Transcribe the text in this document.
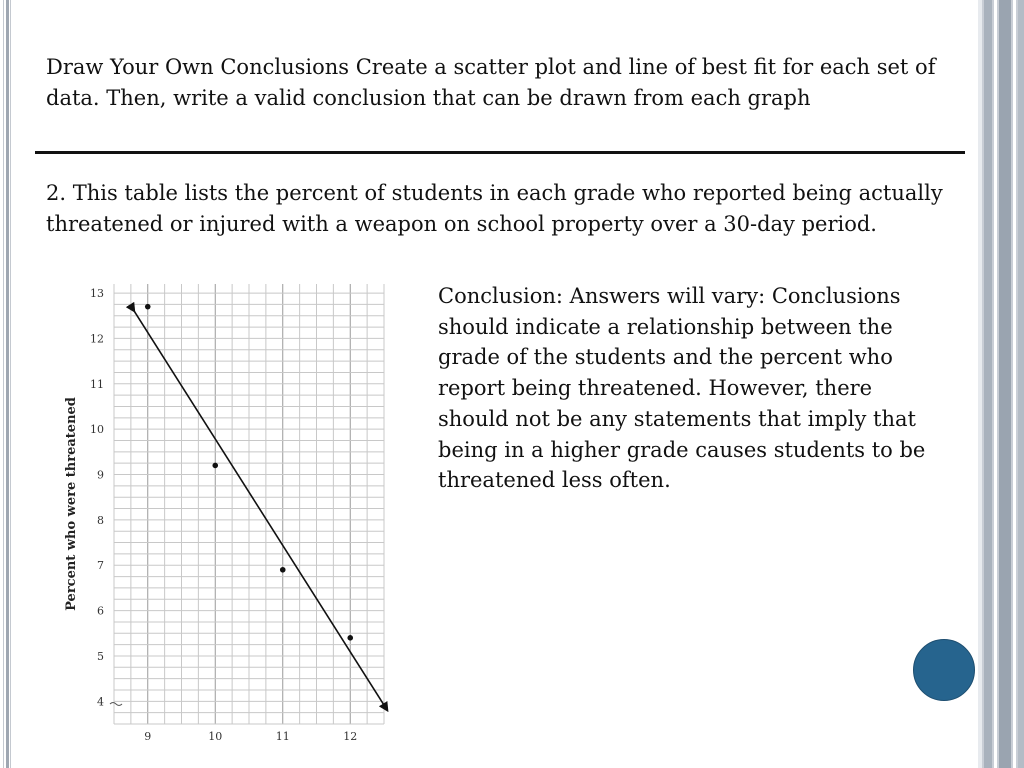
Draw Your Own Conclusions Create a scatter plot and line of best fit for each set of data. Then, write a valid conclusion that can be drawn from each graph
2. This table lists the percent of students in each grade who reported being actually threatened or injured with a weapon on school property over a 30-day period.
Conclusion: Answers will vary: Conclusions should indicate a relationship between the grade of the students and the percent who report being threatened. However, there should not be any statements that imply that being in a higher grade causes students to be threatened less often.
4
5
6
7
8
9
10
11
12
13
9	10	11	12
Percent who were threatened
